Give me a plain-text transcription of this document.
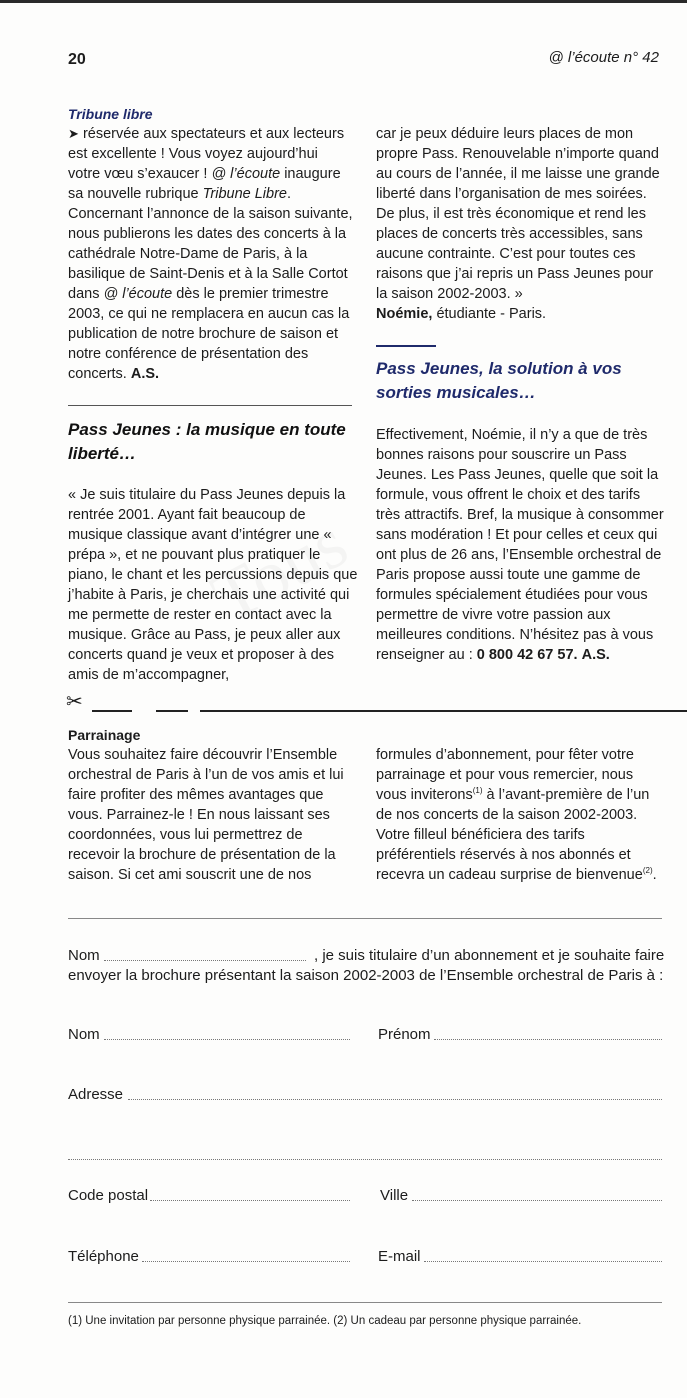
20	@ l’écoute n° 42
Tribune libre

➤ réservée aux spectateurs et aux lecteurs est excellente ! Vous voyez aujourd’hui votre vœu s’exaucer ! @ l’écoute inaugure sa nouvelle rubrique Tribune Libre. Concernant l’annonce de la saison suivante, nous publierons les dates des concerts à la cathédrale Notre-Dame de Paris, à la basilique de Saint-Denis et à la Salle Cortot dans @ l’écoute dès le premier trimestre 2003, ce qui ne remplacera en aucun cas la publication de notre brochure de saison et notre conférence de présentation des concerts. A.S.

Pass Jeunes : la musique en toute liberté…

« Je suis titulaire du Pass Jeunes depuis la rentrée 2001. Ayant fait beaucoup de musique classique avant d’intégrer une « prépa », et ne pouvant plus pratiquer le piano, le chant et les percussions depuis que j’habite à Paris, je cherchais une activité qui me permette de rester en contact avec la musique. Grâce au Pass, je peux aller aux concerts quand je veux et proposer à des amis de m’accompagner,

car je peux déduire leurs places de mon propre Pass. Renouvelable n’importe quand au cours de l’année, il me laisse une grande liberté dans l’organisation de mes soirées. De plus, il est très économique et rend les places de concerts très accessibles, sans aucune contrainte. C’est pour toutes ces raisons que j’ai repris un Pass Jeunes pour la saison 2002-2003. »
Noémie, étudiante - Paris.

Pass Jeunes, la solution à vos sorties musicales…

Effectivement, Noémie, il n’y a que de très bonnes raisons pour souscrire un Pass Jeunes. Les Pass Jeunes, quelle que soit la formule, vous offrent le choix et des tarifs très attractifs. Bref, la musique à consommer sans modération ! Et pour celles et ceux qui ont plus de 26 ans, l’Ensemble orchestral de Paris propose aussi toute une gamme de formules spécialement étudiées pour vous permettre de vivre votre passion aux meilleures conditions. N’hésitez pas à vous renseigner au : 0 800 42 67 57. A.S.

✂
Parrainage

Vous souhaitez faire découvrir l’Ensemble orchestral de Paris à l’un de vos amis et lui faire profiter des mêmes avantages que vous. Parrainez-le ! En nous laissant ses coordonnées, vous lui permettrez de recevoir la brochure de présentation de la saison. Si cet ami souscrit une de nos

formules d’abonnement, pour fêter votre parrainage et pour vous remercier, nous vous inviterons$^{(1)}$ à l’avant-première de l’un de nos concerts de la saison 2002-2003. Votre filleul bénéficiera des tarifs préférentiels réservés à nos abonnés et recevra un cadeau surprise de bienvenue$^{(2)}$.

Nom	, je suis titulaire d’un abonnement et je souhaite faire envoyer la brochure présentant la saison 2002-2003 de l’Ensemble orchestral de Paris à :
Nom	Prénom
Adresse
Code postal	Ville
Téléphone	E-mail
(1) Une invitation par personne physique parrainée. (2) Un cadeau par personne physique parrainée.
